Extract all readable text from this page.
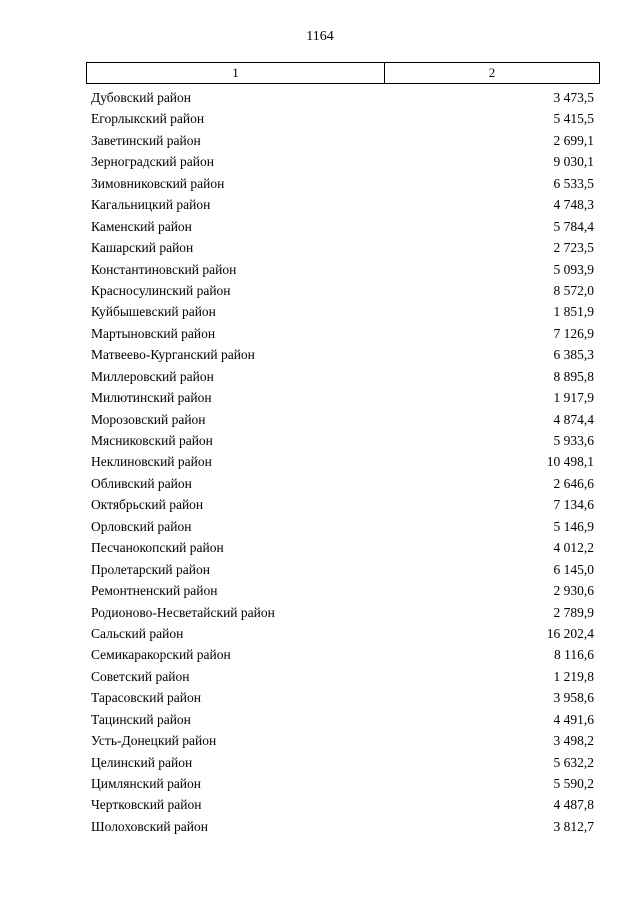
1164
1	2
Дубовский район	3 473,5
Егорлыкский район	5 415,5
Заветинский район	2 699,1
Зерноградский район	9 030,1
Зимовниковский район	6 533,5
Кагальницкий район	4 748,3
Каменский район	5 784,4
Кашарский район	2 723,5
Константиновский район	5 093,9
Красносулинский район	8 572,0
Куйбышевский район	1 851,9
Мартыновский район	7 126,9
Матвеево-Курганский район	6 385,3
Миллеровский район	8 895,8
Милютинский район	1 917,9
Морозовский район	4 874,4
Мясниковский район	5 933,6
Неклиновский район	10 498,1
Обливский район	2 646,6
Октябрьский район	7 134,6
Орловский район	5 146,9
Песчанокопский район	4 012,2
Пролетарский район	6 145,0
Ремонтненский район	2 930,6
Родионово-Несветайский район	2 789,9
Сальский район	16 202,4
Семикаракорский район	8 116,6
Советский район	1 219,8
Тарасовский район	3 958,6
Тацинский район	4 491,6
Усть-Донецкий район	3 498,2
Целинский район	5 632,2
Цимлянский район	5 590,2
Чертковский район	4 487,8
Шолоховский район	3 812,7
